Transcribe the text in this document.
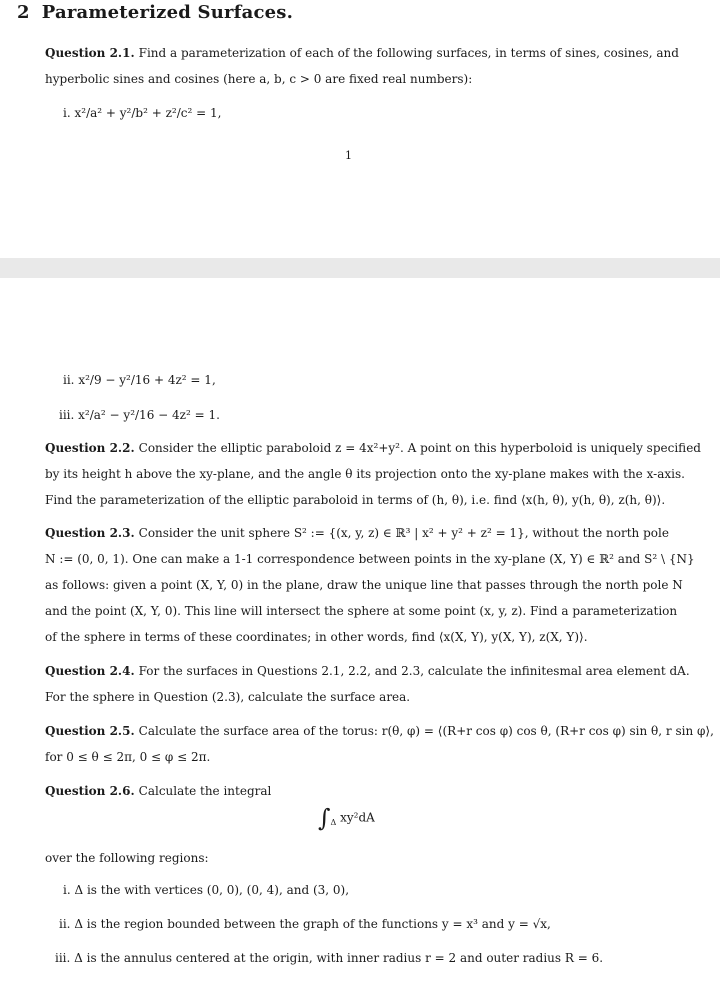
2 Parameterized Surfaces.
Question 2.1. Find a parameterization of each of the following surfaces, in terms of sines, cosines, and
hyperbolic sines and cosines (here a, b, c > 0 are fixed real numbers):
i. x²/a² + y²/b² + z²/c² = 1,
1
ii. x²/9 − y²/16 + 4z² = 1,
iii. x²/a² − y²/16 − 4z² = 1.
Question 2.2. Consider the elliptic paraboloid z = 4x²+y². A point on this hyperboloid is uniquely specified
by its height h above the xy-plane, and the angle θ its projection onto the xy-plane makes with the x-axis.
Find the parameterization of the elliptic paraboloid in terms of (h, θ), i.e. find ⟨x(h, θ), y(h, θ), z(h, θ)⟩.
Question 2.3. Consider the unit sphere S² := {(x, y, z) ∈ ℝ³ | x² + y² + z² = 1}, without the north pole
N := (0, 0, 1). One can make a 1-1 correspondence between points in the xy-plane (X, Y) ∈ ℝ² and S² \ {N}
as follows: given a point (X, Y, 0) in the plane, draw the unique line that passes through the north pole N
and the point (X, Y, 0). This line will intersect the sphere at some point (x, y, z). Find a parameterization
of the sphere in terms of these coordinates; in other words, find ⟨x(X, Y), y(X, Y), z(X, Y)⟩.
Question 2.4. For the surfaces in Questions 2.1, 2.2, and 2.3, calculate the infinitesmal area element dA.
For the sphere in Question (2.3), calculate the surface area.
Question 2.5. Calculate the surface area of the torus: r(θ, φ) = ⟨(R+r cos φ) cos θ, (R+r cos φ) sin θ, r sin φ⟩,
for 0 ≤ θ ≤ 2π, 0 ≤ φ ≤ 2π.
Question 2.6. Calculate the integral
$\int_\Delta$ xy²dA
over the following regions:
i. Δ is the with vertices (0, 0), (0, 4), and (3, 0),
ii. Δ is the region bounded between the graph of the functions y = x³ and y = √x,
iii. Δ is the annulus centered at the origin, with inner radius r = 2 and outer radius R = 6.
